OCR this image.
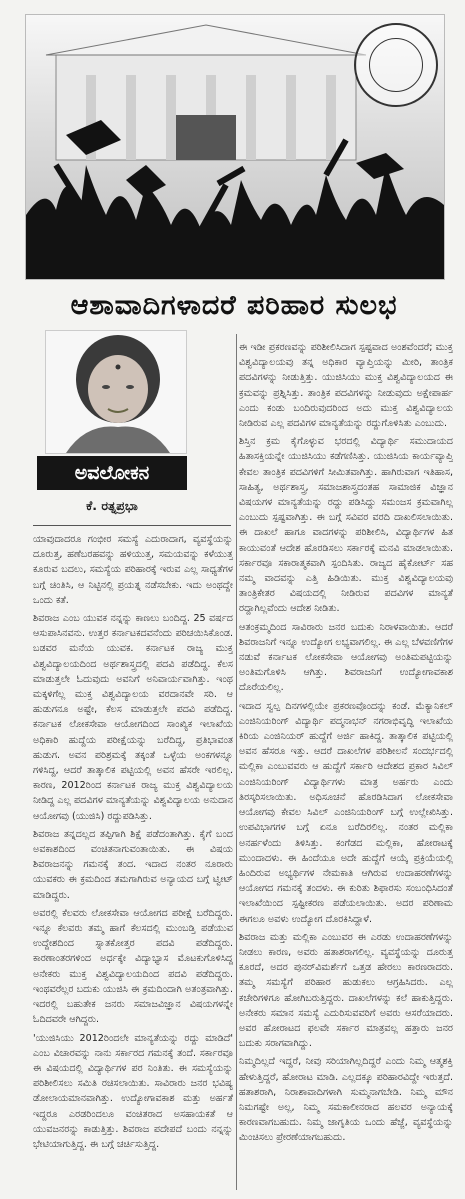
ಆಶಾವಾದಿಗಳಾದರೆ ಪರಿಹಾರ ಸುಲಭ
ಅವಲೋಕನ
ಕೆ. ರತ್ನಪ್ರಭಾ

ಯಾವುದಾದರೂ ಗಂಭೀರ ಸಮಸ್ಯೆ ಎದುರಾದಾಗ, ವ್ಯವಸ್ಥೆಯನ್ನು ದೂರುತ್ತ, ಹಣೆಬರಹವನ್ನು ಹಳಿಯುತ್ತ, ಸಮಯವನ್ನು ಕಳೆಯುತ್ತ ಕೂರುವ ಬದಲು, ಸಮಸ್ಯೆಯ ಪರಿಹಾರಕ್ಕೆ ಇರುವ ಎಲ್ಲ ಸಾಧ್ಯತೆಗಳ ಬಗ್ಗೆ ಚಿಂತಿಸಿ, ಆ ನಿಟ್ಟಿನಲ್ಲಿ ಪ್ರಯತ್ನ ನಡೆಸಬೇಕು. ಇದು ಅಂಥದ್ದೇ ಒಂದು ಕತೆ.

ಶಿವರಾಜ ಎಂಬ ಯುವಕ ನನ್ನನ್ನು ಕಾಣಲು ಬಂದಿದ್ದ. 25 ವರ್ಷದ ಆಸುಪಾಸಿನವನು. ಉತ್ತರ ಕರ್ನಾಟಕದವನೆಂದು ಪರಿಚಯಿಸಿಕೊಂಡ. ಬಡವರ ಮನೆಯ ಯುವಕ. ಕರ್ನಾಟಕ ರಾಜ್ಯ ಮುಕ್ತ ವಿಶ್ವವಿದ್ಯಾಲಯದಿಂದ ಅರ್ಥಶಾಸ್ತ್ರದಲ್ಲಿ ಪದವಿ ಪಡೆದಿದ್ದ. ಕೆಲಸ ಮಾಡುತ್ತಲೇ ಓದುವುದು ಅವನಿಗೆ ಅನಿವಾರ್ಯವಾಗಿತ್ತು. ಇಂಥ ಮಕ್ಕಳಿಗೆಲ್ಲ ಮುಕ್ತ ವಿಶ್ವವಿದ್ಯಾಲಯ ವರದಾನವೇ ಸರಿ. ಆ ಹುಡುಗನೂ ಅಷ್ಟೇ, ಕೆಲಸ ಮಾಡುತ್ತಲೇ ಪದವಿ ಪಡೆದಿದ್ದ. ಕರ್ನಾಟಕ ಲೋಕಸೇವಾ ಆಯೋಗದಿಂದ ಸಾಂಖ್ಯಿಕ ಇಲಾಖೆಯ ಅಧಿಕಾರಿ ಹುದ್ದೆಯ ಪರೀಕ್ಷೆಯನ್ನು ಬರೆದಿದ್ದ, ಪ್ರತಿಭಾವಂತ ಹುಡುಗ. ಅವನ ಪರಿಶ್ರಮಕ್ಕೆ ತಕ್ಕಂತೆ ಒಳ್ಳೆಯ ಅಂಕಗಳನ್ನೂ ಗಳಿಸಿದ್ದ, ಆದರೆ ತಾತ್ಕಾಲಿಕ ಪಟ್ಟಿಯಲ್ಲಿ ಅವನ ಹೆಸರೇ ಇರಲಿಲ್ಲ. ಕಾರಣ, 2012ರಿಂದ ಕರ್ನಾಟಕ ರಾಜ್ಯ ಮುಕ್ತ ವಿಶ್ವವಿದ್ಯಾಲಯ ನೀಡಿದ್ದ ಎಲ್ಲ ಪದವಿಗಳ ಮಾನ್ಯತೆಯನ್ನು ವಿಶ್ವವಿದ್ಯಾಲಯ ಅನುದಾನ ಆಯೋಗವು (ಯುಜಿಸಿ) ರದ್ದುಪಡಿಸಿತ್ತು.

ಶಿವರಾಜ ತನ್ನದಲ್ಲದ ತಪ್ಪಿಗಾಗಿ ಶಿಕ್ಷೆ ಪಡೆದಂತಾಗಿತ್ತು. ಕೈಗೆ ಬಂದ ಅವಕಾಶದಿಂದ ವಂಚಿತನಾಗುವಂತಾಯಿತು. ಈ ವಿಷಯ ಶಿವರಾಜನನ್ನು ಗಮನಕ್ಕೆ ತಂದ. ಇದಾದ ನಂತರ ನೂರಾರು ಯುವಕರು ಈ ಕ್ರಮದಿಂದ ತಮಗಾಗಿರುವ ಅನ್ಯಾಯದ ಬಗ್ಗೆ ಟ್ವೀಟ್ ಮಾಡಿದ್ದರು.

ಅವರಲ್ಲಿ ಕೆಲವರು ಲೋಕಸೇವಾ ಆಯೋಗದ ಪರೀಕ್ಷೆ ಬರೆದಿದ್ದರು. ಇನ್ನೂ ಕೆಲವರು ತಮ್ಮ ಹಾಗೆ ಕೆಲಸದಲ್ಲಿ ಮುಂಬಡ್ತಿ ಪಡೆಯುವ ಉದ್ದೇಶದಿಂದ ಸ್ನಾತಕೋತ್ತರ ಪದವಿ ಪಡೆದಿದ್ದರು. ಕಾರಣಾಂತರಗಳಿಂದ ಅರ್ಧಕ್ಕೇ ವಿದ್ಯಾಭ್ಯಾಸ ಮೊಟಕುಗೊಳಿಸಿದ್ದ ಅನೇಕರು ಮುಕ್ತ ವಿಶ್ವವಿದ್ಯಾಲಯದಿಂದ ಪದವಿ ಪಡೆದಿದ್ದರು. ಇಂಥವರೆಲ್ಲರ ಬದುಕು ಯುಜಿಸಿ ಈ ಕ್ರಮದಿಂದಾಗಿ ಅತಂತ್ರವಾಗಿತ್ತು. ಇದರಲ್ಲಿ ಬಹುತೇಕ ಜನರು ಸಮಾಜವಿಜ್ಞಾನ ವಿಷಯಗಳನ್ನೇ ಓದಿದವರೇ ಆಗಿದ್ದರು.

'ಯುಜಿಸಿಯು 2012ರಿಂದಲೇ ಮಾನ್ಯತೆಯನ್ನು ರದ್ದು ಮಾಡಿದೆ' ಎಂಬ ವಿಚಾರವನ್ನು ನಾನು ಸರ್ಕಾರದ ಗಮನಕ್ಕೆ ತಂದೆ. ಸರ್ಕಾರವೂ ಈ ವಿಷಯದಲ್ಲಿ ವಿದ್ಯಾರ್ಥಿಗಳ ಪರ ನಿಂತಿತು. ಈ ಸಮಸ್ಯೆಯನ್ನು ಪರಿಶೀಲಿಸಲು ಸಮಿತಿ ರಚಿಸಲಾಯಿತು. ಸಾವಿರಾರು ಜನರ ಭವಿಷ್ಯ ಡೋಲಾಯಮಾನವಾಗಿತ್ತು. ಉದ್ಯೋಗಾವಕಾಶ ಮತ್ತು ಅರ್ಹತೆ ಇದ್ದರೂ ಎರಡರಿಂದಲೂ ವಂಚಿತರಾದ ಅಸಹಾಯಕತೆ ಆ ಯುವಜನರನ್ನು ಕಾಡುತ್ತಿತ್ತು. ಶಿವರಾಜ ಪದೇಪದೆ ಬಂದು ನನ್ನನ್ನು ಭೇಟಿಯಾಗುತ್ತಿದ್ದ. ಈ ಬಗ್ಗೆ ಚರ್ಚಿಸುತ್ತಿದ್ದ.

ಈ ಇಡೀ ಪ್ರಕರಣವನ್ನು ಪರಿಶೀಲಿಸಿದಾಗ ಸ್ಪಷ್ಟವಾದ ಅಂಶವೆಂದರೆ; ಮುಕ್ತ ವಿಶ್ವವಿದ್ಯಾಲಯವು ತನ್ನ ಅಧಿಕಾರ ವ್ಯಾಪ್ತಿಯನ್ನು ಮೀರಿ, ತಾಂತ್ರಿಕ ಪದವಿಗಳನ್ನು ನೀಡುತ್ತಿತ್ತು. ಯುಜಿಸಿಯು ಮುಕ್ತ ವಿಶ್ವವಿದ್ಯಾಲಯದ ಈ ಕ್ರಮವನ್ನು ಪ್ರಶ್ನಿಸಿತ್ತು. ತಾಂತ್ರಿಕ ಪದವಿಗಳನ್ನು ನೀಡುವುದು ಅಕ್ಷೇಪಾರ್ಹ ಎಂದು ಕಂಡು ಬಂದಿರುವುದರಿಂದ ಅದು ಮುಕ್ತ ವಿಶ್ವವಿದ್ಯಾಲಯ ನೀಡಿರುವ ಎಲ್ಲ ಪದವಿಗಳ ಮಾನ್ಯತೆಯನ್ನು ರದ್ದುಗೊಳಿಸಿತು ಎಂಬುದು.

ಶಿಸ್ತಿನ ಕ್ರಮ ಕೈಗೊಳ್ಳುವ ಭರದಲ್ಲಿ ವಿದ್ಯಾರ್ಥಿ ಸಮುದಾಯದ ಹಿತಾಸಕ್ತಿಯನ್ನೇ ಯುಜಿಸಿಯು ಕಡೆಗಣಿಸಿತ್ತು. ಯುಜಿಸಿಯ ಕಾರ್ಯವ್ಯಾಪ್ತಿ ಕೇವಲ ತಾಂತ್ರಿಕ ಪದವಿಗಳಿಗೆ ಸೀಮಿತವಾಗಿತ್ತು. ಹಾಗಿರುವಾಗ ಇತಿಹಾಸ, ಸಾಹಿತ್ಯ, ಅರ್ಥಶಾಸ್ತ್ರ, ಸಮಾಜಶಾಸ್ತ್ರದಂತಹ ಸಾಮಾಜಿಕ ವಿಜ್ಞಾನ ವಿಷಯಗಳ ಮಾನ್ಯತೆಯನ್ನು ರದ್ದು ಪಡಿಸಿದ್ದು ಸಮಂಜಸ ಕ್ರಮವಾಗಿಲ್ಲ ಎಂಬುದು ಸ್ಪಷ್ಟವಾಗಿತ್ತು. ಈ ಬಗ್ಗೆ ಸವಿವರ ವರದಿ ದಾಖಲಿಸಲಾಯಿತು. ಈ ದಾಖಲೆ ಹಾಗೂ ವಾದಗಳನ್ನು ಪರಿಶೀಲಿಸಿ, ವಿದ್ಯಾರ್ಥಿಗಳ ಹಿತ ಕಾಯುವಂತೆ ಆದೇಶ ಹೊರಡಿಸಲು ಸರ್ಕಾರಕ್ಕೆ ಮನವಿ ಮಾಡಲಾಯಿತು. ಸರ್ಕಾರವೂ ಸಕಾರಾತ್ಮಕವಾಗಿ ಸ್ಪಂದಿಸಿತು. ರಾಜ್ಯದ ಹೈಕೋರ್ಟ್ ಸಹ ನಮ್ಮ ವಾದವನ್ನು ಎತ್ತಿ ಹಿಡಿಯಿತು. ಮುಕ್ತ ವಿಶ್ವವಿದ್ಯಾಲಯವು ತಾಂತ್ರಿಕೇತರ ವಿಷಯದಲ್ಲಿ ನೀಡಿರುವ ಪದವಿಗಳ ಮಾನ್ಯತೆ ರದ್ದಾಗಿಲ್ಲವೆಂದು ಆದೇಶ ನೀಡಿತು.

ಆತಂಕ್ರಮ್ಮದಿಂದ ಸಾವಿರಾರು ಜನರ ಬದುಕು ನಿರಾಳವಾಯಿತು. ಆದರೆ ಶಿವರಾಜನಿಗೆ ಇನ್ನೂ ಉದ್ಯೋಗ ಲಭ್ಯವಾಗಲಿಲ್ಲ. ಈ ಎಲ್ಲ ಬೆಳವಣಿಗೆಗಳ ನಡುವೆ ಕರ್ನಾಟಕ ಲೋಕಸೇವಾ ಆಯೋಗವು ಅಂತಿಮಪಟ್ಟಿಯನ್ನು ಅಂತಿಮಗೊಳಿಸಿ ಆಗಿತ್ತು. ಶಿವರಾಜನಿಗೆ ಉದ್ಯೋಗಾವಕಾಶ ದೊರೆಯಲಿಲ್ಲ.

ಇದಾದ ಸ್ವಲ್ಪ ದಿನಗಳಲ್ಲಿಯೇ ಪ್ರಕರಣವೊಂದನ್ನು ಕಂಡೆ. ಮೆಕ್ಯಾನಿಕಲ್ ಎಂಜಿನಿಯರಿಂಗ್ ವಿದ್ಯಾರ್ಥಿ ಪದ್ಮನಾಭನ್ ನಗರಾಭಿವೃದ್ಧಿ ಇಲಾಖೆಯ ಕಿರಿಯ ಎಂಜಿನಿಯರ್ ಹುದ್ದೆಗೆ ಅರ್ಜಿ ಹಾಕಿದ್ದ. ತಾತ್ಕಾಲಿಕ ಪಟ್ಟಿಯಲ್ಲಿ ಅವನ ಹೆಸರೂ ಇತ್ತು. ಆದರೆ ದಾಖಲೆಗಳ ಪರಿಶೀಲನೆ ಸಂದರ್ಭದಲ್ಲಿ ಮಲ್ಲಿಕಾ ಎಂಬುವವರು ಆ ಹುದ್ದೆಗೆ ಸರ್ಕಾರಿ ಆದೇಶದ ಪ್ರಕಾರ ಸಿವಿಲ್ ಎಂಜಿನಿಯರಿಂಗ್ ವಿದ್ಯಾರ್ಥಿಗಳು ಮಾತ್ರ ಅರ್ಹರು ಎಂದು ತಿರಸ್ಕರಿಸಲಾಯಿತು. ಅಧಿಸೂಚನೆ ಹೊರಡಿಸಿದಾಗ ಲೋಕಸೇವಾ ಆಯೋಗವು ಕೇವಲ ಸಿವಿಲ್ ಎಂಜಿನಿಯರಿಂಗ್ ಬಗ್ಗೆ ಉಲ್ಲೇಖಿಸಿತ್ತು. ಉಪವಿಭಾಗಗಳ ಬಗ್ಗೆ ಏನೂ ಬರೆದಿರಲಿಲ್ಲ. ನಂತರ ಮಲ್ಲಿಕಾ ಅನರ್ಹಳೆಂದು ತಿಳಿಸಿತ್ತು. ಕಂಗೆಡದ ಮಲ್ಲಿಕಾ, ಹೋರಾಟಕ್ಕೆ ಮುಂದಾದಳು. ಈ ಹಿಂದೆಯೂ ಅದೇ ಹುದ್ದೆಗೆ ಆಯ್ಕೆ ಪ್ರಕ್ರಿಯೆಯಲ್ಲಿ ಹಿಂದಿರುವ ಅಭ್ಯರ್ಥಿಗಳ ನೇಮಕಾತಿ ಆಗಿರುವ ಉದಾಹರಣೆಗಳನ್ನು ಆಯೋಗದ ಗಮನಕ್ಕೆ ತಂದಳು. ಈ ಕುರಿತು ಶಿಫಾರಸು ಸಂಬಂಧಿಸಿದಂತೆ ಇಲಾಖೆಯಿಂದ ಸ್ಪಷ್ಟೀಕರಣ ಪಡೆಯಲಾಯಿತು. ಅದರ ಪರಿಣಾಮ ಈಗಲೂ ಅವಳು ಉದ್ಯೋಗ ದೊರಕಿಸಿದ್ದಾಳೆ.

ಶಿವರಾಜ ಮತ್ತು ಮಲ್ಲಿಕಾ ಎಂಬುವರ ಈ ಎರಡು ಉದಾಹರಣೆಗಳನ್ನು ನೀಡಲು ಕಾರಣ, ಅವರು ಹತಾಶರಾಗಲಿಲ್ಲ. ವ್ಯವಸ್ಥೆಯನ್ನು ದೂರುತ್ತ ಕೂರದೆ, ಅದರ ಪುನರ್‌ವಿಮರ್ಶೆಗೆ ಒತ್ತಡ ಹೇರಲು ಕಾರಣರಾದರು. ತಮ್ಮ ಸಮಸ್ಯೆಗೆ ಪರಿಹಾರ ಹುಡುಕಲು ಆಗ್ರಹಿಸಿದರು. ಎಲ್ಲ ಕಚೇರಿಗಳಿಗೂ ಹೋಗಿಬರುತ್ತಿದ್ದರು. ದಾಖಲೆಗಳನ್ನು ಕಲೆ ಹಾಕುತ್ತಿದ್ದರು. ಅನೇಕರು ಸಮಾನ ಸಮಸ್ಯೆ ಎದುರಿಸುವವರಿಗೆ ಅವರು ಆಸರೆಯಾದರು. ಅವರ ಹೋರಾಟದ ಫಲವೇ ಸರ್ಕಾರ ಮಾತ್ರವಲ್ಲ ಹತ್ತಾರು ಜನರ ಬದುಕು ಸರಾಗವಾಗಿದ್ದು.

ನಿಮ್ಮದಿಲ್ಲದೆ ಇದ್ದರೆ, ನೀವು ಸರಿಯಾಗಿಲ್ಲದಿದ್ದರೆ ಎಂದು ನಿಮ್ಮ ಆತ್ಮಶಕ್ತಿ ಹೇಳುತ್ತಿದ್ದರೆ, ಹೋರಾಟ ಮಾಡಿ. ಎಲ್ಲದಕ್ಕೂ ಪರಿಹಾರವಿದ್ದೇ ಇರುತ್ತದೆ. ಹತಾಶರಾಗಿ, ನಿರಾಶಾವಾದಿಗಳಾಗಿ ಸುಮ್ಮನಾಗಬೇಡಿ. ನಿಮ್ಮ ಮೌನ ನಿಮಗಷ್ಟೇ ಅಲ್ಲ, ನಿಮ್ಮ ಸಮಕಾಲೀನರಾದ ಹಲವರ ಅನ್ಯಾಯಕ್ಕೆ ಕಾರಣವಾಗಬಹುದು. ನಿಮ್ಮ ಜಾಗೃತಿಯ ಒಂದು ಹೆಜ್ಜೆ, ವ್ಯವಸ್ಥೆಯನ್ನು ಮಿಂಚಿಸಲು ಪ್ರೇರಣೆಯಾಗಬಹುದು.
